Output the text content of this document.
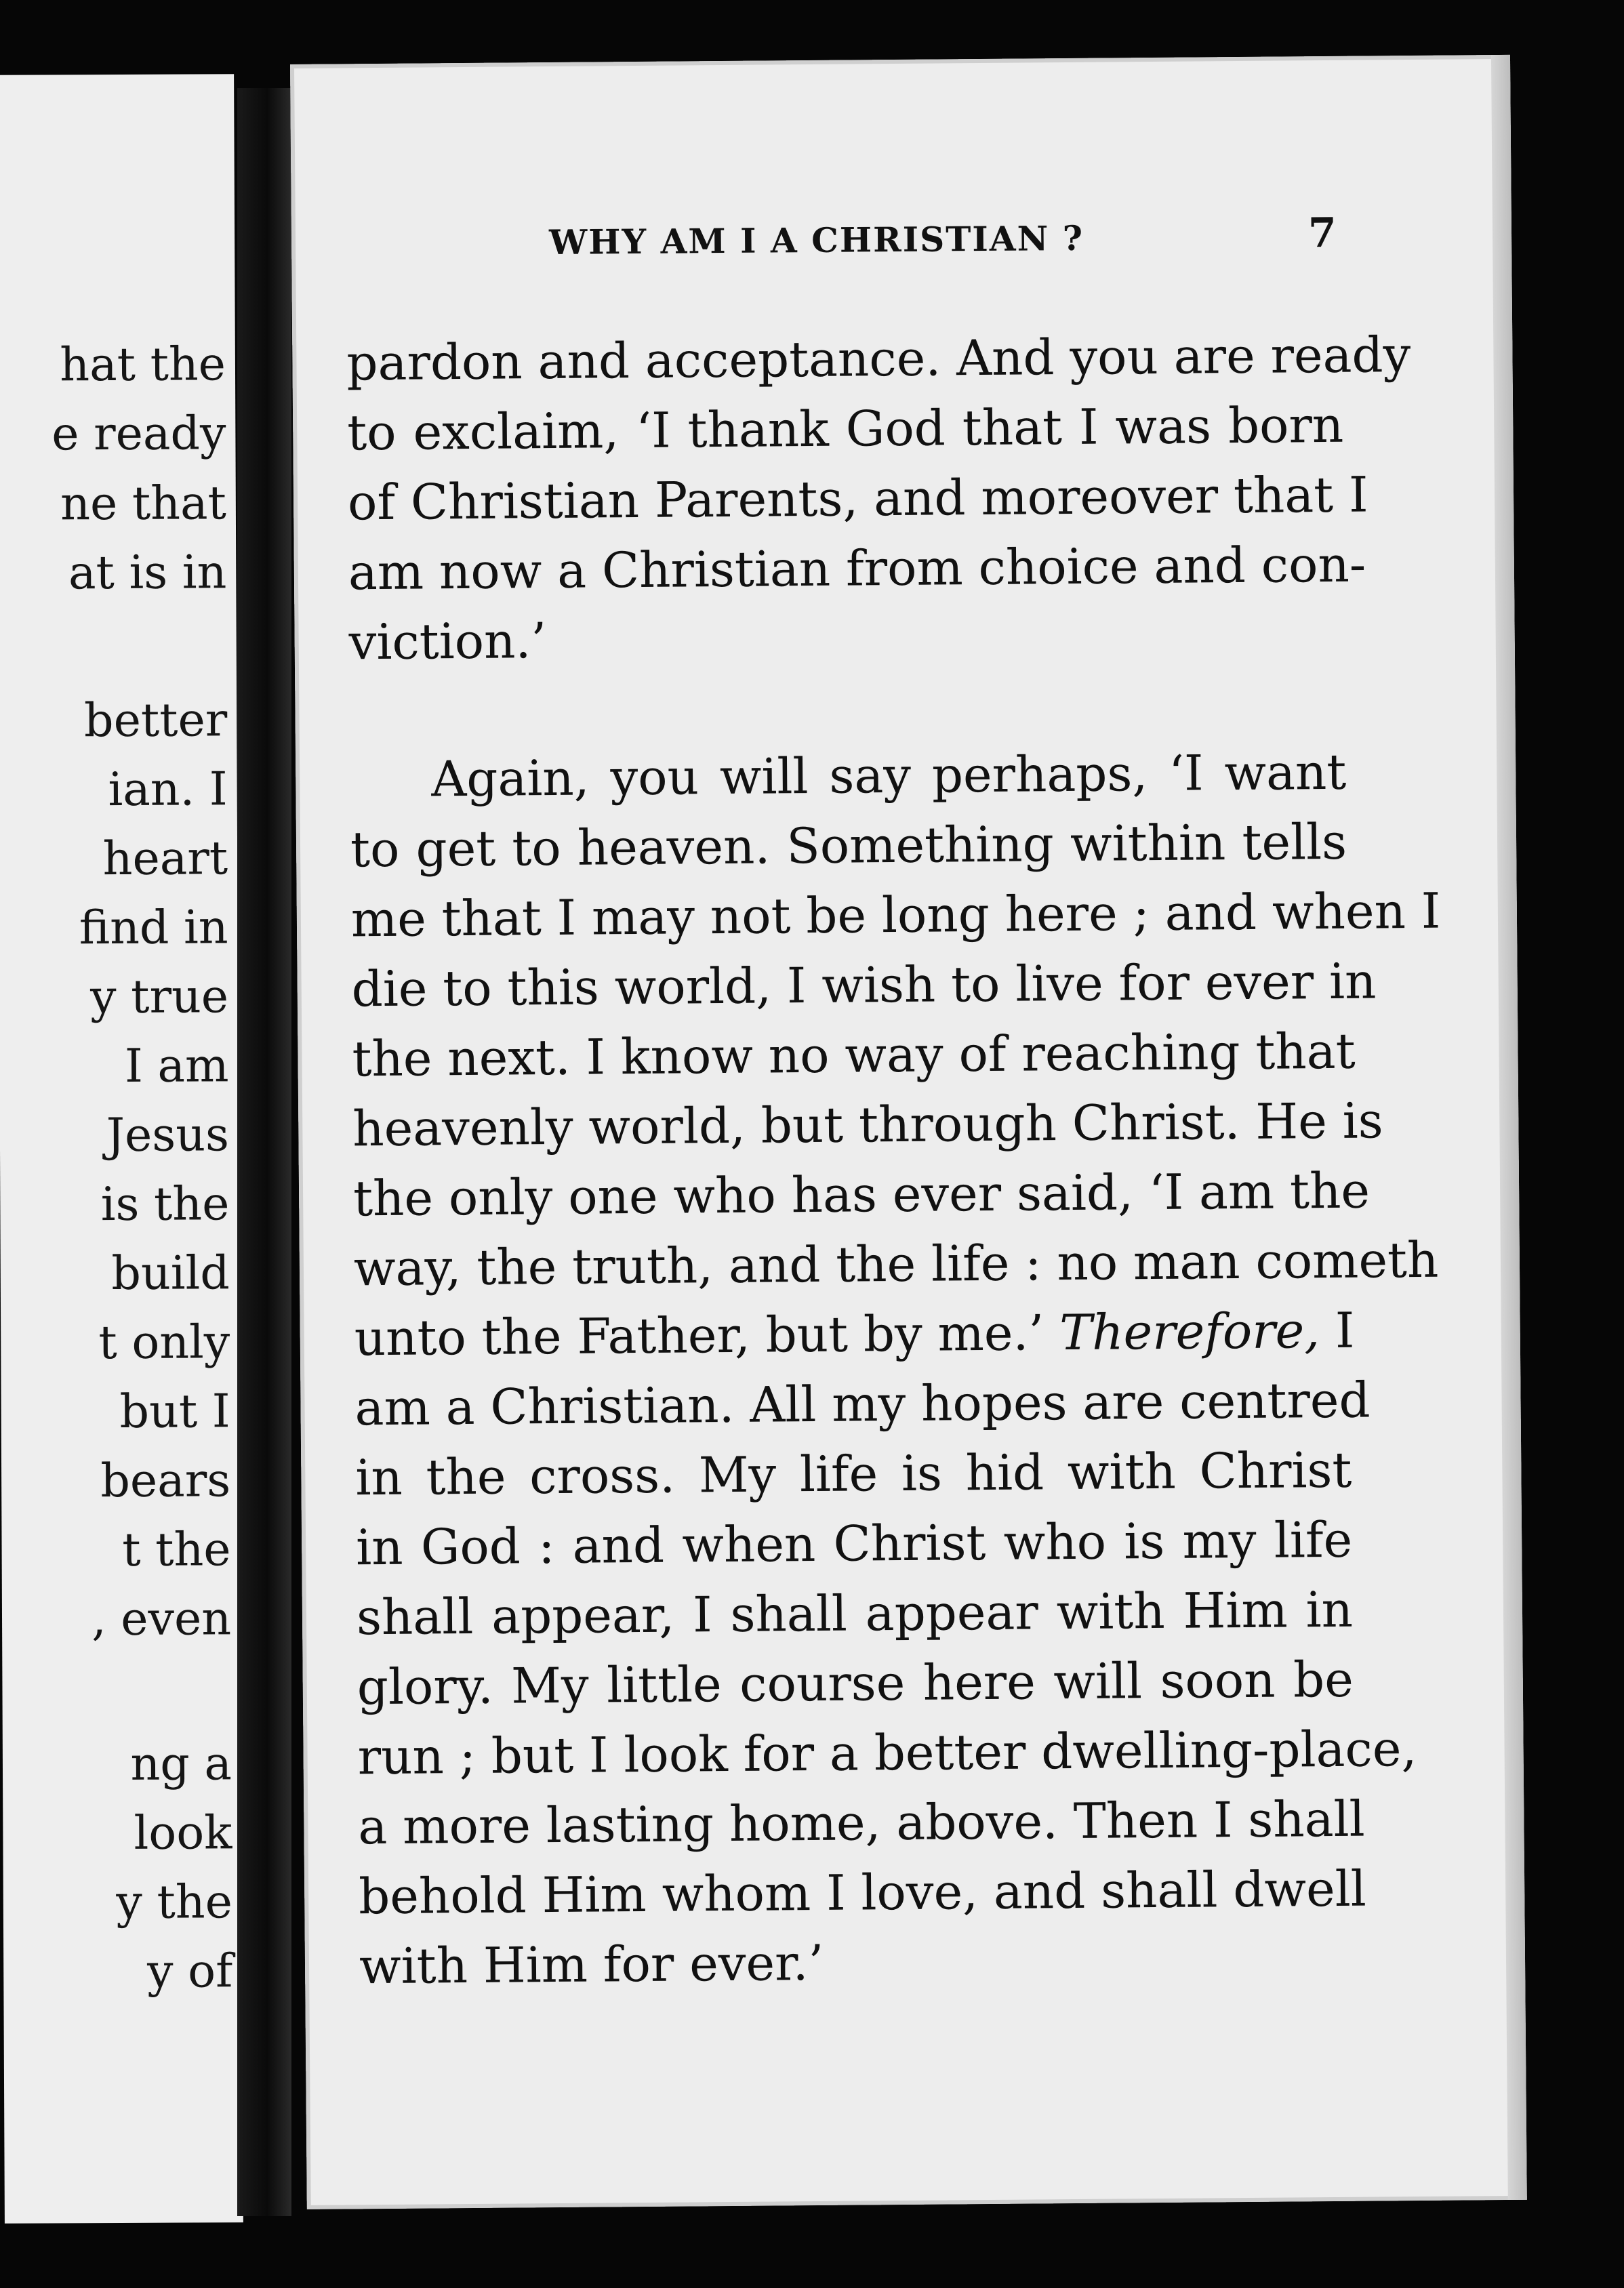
hat the
e ready
ne that
at is in
better
ian. I
heart
find in
y true
I am
Jesus
is the
build
t only
but I
bears
t the
, even
ng a
look
y the
y of
WHY AM I A CHRISTIAN ?	7
pardon and acceptance. And you are ready
to exclaim, ‘I thank God that I was born
of Christian Parents, and moreover that I
am now a Christian from choice and con-
viction.’
Again, you will say perhaps, ‘I want
to get to heaven. Something within tells
me that I may not be long here ; and when I
die to this world, I wish to live for ever in
the next. I know no way of reaching that
heavenly world, but through Christ. He is
the only one who has ever said, ‘I am the
way, the truth, and the life : no man cometh
unto the Father, but by me.’ Therefore, I
am a Christian. All my hopes are centred
in the cross. My life is hid with Christ
in God : and when Christ who is my life
shall appear, I shall appear with Him in
glory. My little course here will soon be
run ; but I look for a better dwelling-place,
a more lasting home, above. Then I shall
behold Him whom I love, and shall dwell
with Him for ever.’
